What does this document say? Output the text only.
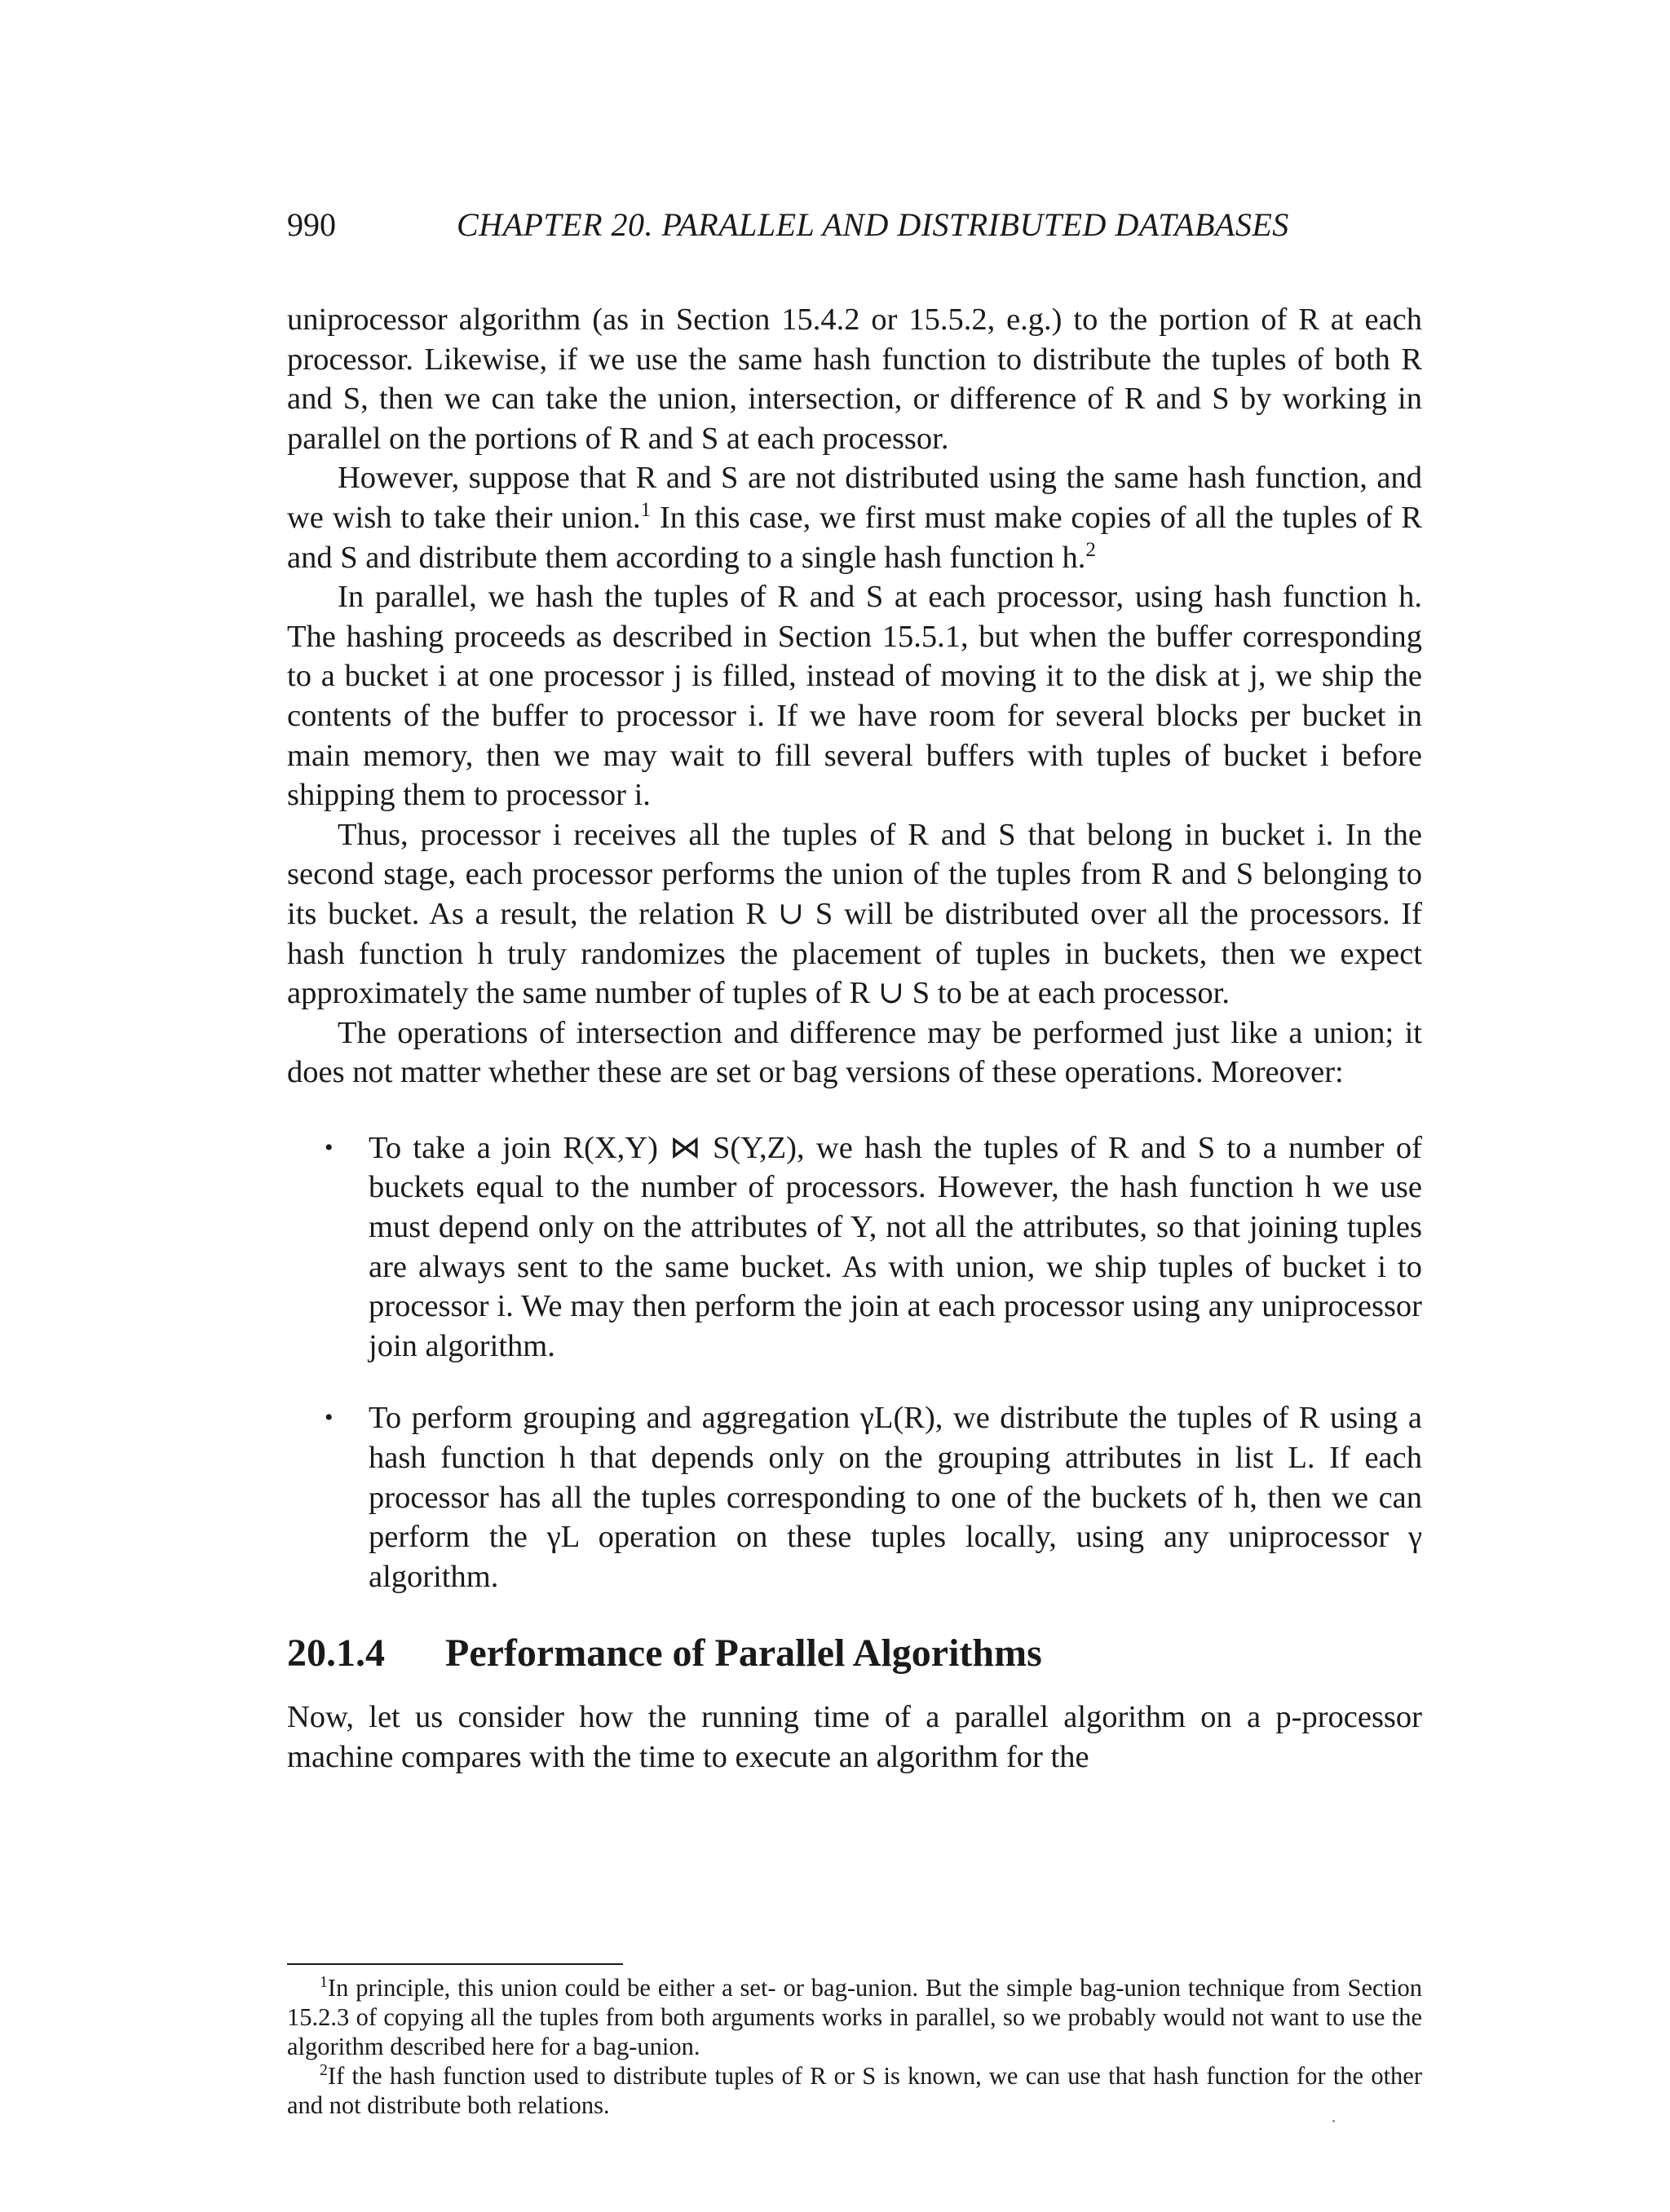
990	CHAPTER 20. PARALLEL AND DISTRIBUTED DATABASES

uniprocessor algorithm (as in Section 15.4.2 or 15.5.2, e.g.) to the portion of R at each processor. Likewise, if we use the same hash function to distribute the tuples of both R and S, then we can take the union, intersection, or difference of R and S by working in parallel on the portions of R and S at each processor.

However, suppose that R and S are not distributed using the same hash function, and we wish to take their union.$^1$ In this case, we first must make copies of all the tuples of R and S and distribute them according to a single hash function h.$^2$

In parallel, we hash the tuples of R and S at each processor, using hash function h. The hashing proceeds as described in Section 15.5.1, but when the buffer corresponding to a bucket i at one processor j is filled, instead of moving it to the disk at j, we ship the contents of the buffer to processor i. If we have room for several blocks per bucket in main memory, then we may wait to fill several buffers with tuples of bucket i before shipping them to processor i.

Thus, processor i receives all the tuples of R and S that belong in bucket i. In the second stage, each processor performs the union of the tuples from R and S belonging to its bucket. As a result, the relation R ∪ S will be distributed over all the processors. If hash function h truly randomizes the placement of tuples in buckets, then we expect approximately the same number of tuples of R ∪ S to be at each processor.

The operations of intersection and difference may be performed just like a union; it does not matter whether these are set or bag versions of these operations. Moreover:

• To take a join R(X,Y) ⋈ S(Y,Z), we hash the tuples of R and S to a number of buckets equal to the number of processors. However, the hash function h we use must depend only on the attributes of Y, not all the attributes, so that joining tuples are always sent to the same bucket. As with union, we ship tuples of bucket i to processor i. We may then perform the join at each processor using any uniprocessor join algorithm.
• To perform grouping and aggregation γL(R), we distribute the tuples of R using a hash function h that depends only on the grouping attributes in list L. If each processor has all the tuples corresponding to one of the buckets of h, then we can perform the γL operation on these tuples locally, using any uniprocessor γ algorithm.
20.1.4 Performance of Parallel Algorithms

Now, let us consider how the running time of a parallel algorithm on a p-processor machine compares with the time to execute an algorithm for the

$^1$In principle, this union could be either a set- or bag-union. But the simple bag-union technique from Section 15.2.3 of copying all the tuples from both arguments works in parallel, so we probably would not want to use the algorithm described here for a bag-union.

$^2$If the hash function used to distribute tuples of R or S is known, we can use that hash function for the other and not distribute both relations.
